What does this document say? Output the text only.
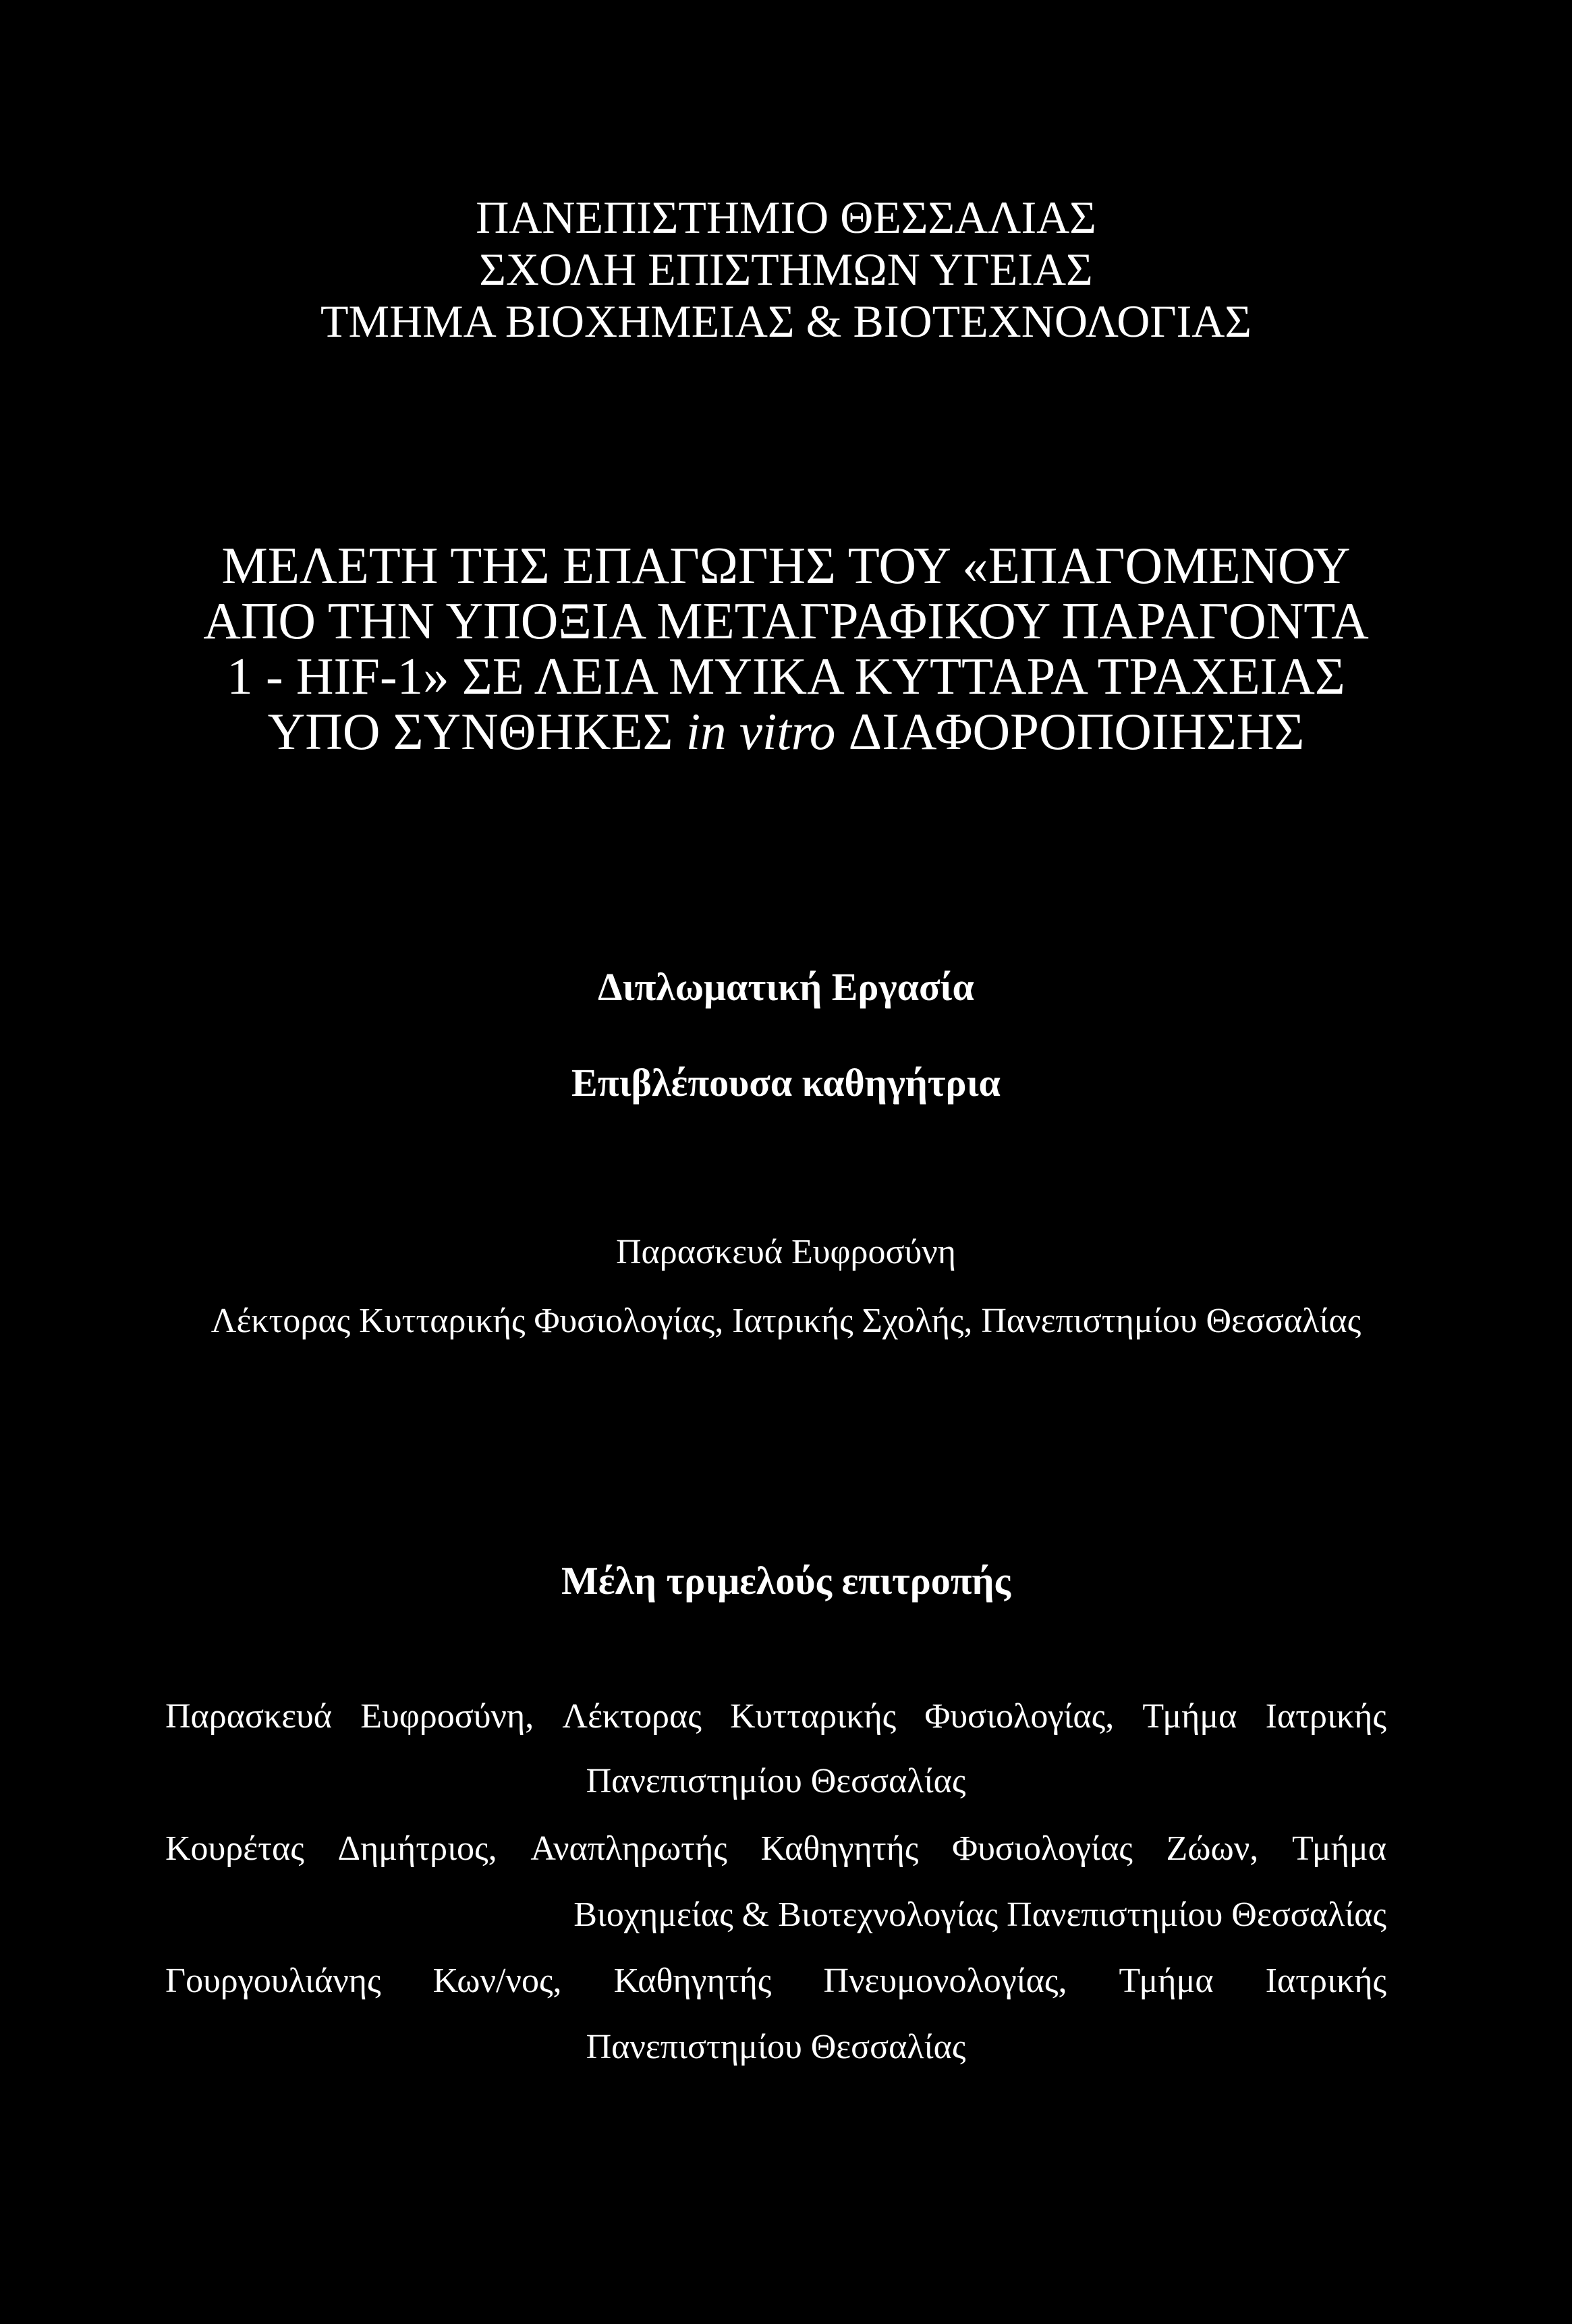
ΠΑΝΕΠΙΣΤΗΜΙΟ ΘΕΣΣΑΛΙΑΣ
ΣΧΟΛΗ ΕΠΙΣΤΗΜΩΝ ΥΓΕΙΑΣ
ΤΜΗΜΑ ΒΙΟΧΗΜΕΙΑΣ & ΒΙΟΤΕΧΝΟΛΟΓΙΑΣ
ΜΕΛΕΤΗ ΤΗΣ ΕΠΑΓΩΓΗΣ ΤΟΥ «ΕΠΑΓΟΜΕΝΟΥ
ΑΠΟ ΤΗΝ ΥΠΟΞΙΑ ΜΕΤΑΓΡΑΦΙΚΟΥ ΠΑΡΑΓΟΝΤΑ
1 - HIF-1» ΣΕ ΛΕΙΑ ΜΥΙΚΑ ΚΥΤΤΑΡΑ ΤΡΑΧΕΙΑΣ
ΥΠΟ ΣΥΝΘΗΚΕΣ in vitro ΔΙΑΦΟΡΟΠΟΙΗΣΗΣ
Διπλωματική Εργασία
Επιβλέπουσα καθηγήτρια
Παρασκευά Ευφροσύνη
Λέκτορας Κυτταρικής Φυσιολογίας, Ιατρικής Σχολής, Πανεπιστημίου Θεσσαλίας
Μέλη τριμελούς επιτροπής
Παρασκευά Ευφροσύνη, Λέκτορας Κυτταρικής Φυσιολογίας, Τμήμα Ιατρικής
Πανεπιστημίου Θεσσαλίας
Κουρέτας Δημήτριος, Αναπληρωτής Καθηγητής Φυσιολογίας Ζώων, Τμήμα
Βιοχημείας & Βιοτεχνολογίας Πανεπιστημίου Θεσσαλίας
Γουργουλιάνης Κων/νος, Καθηγητής Πνευμονολογίας, Τμήμα Ιατρικής
Πανεπιστημίου Θεσσαλίας
